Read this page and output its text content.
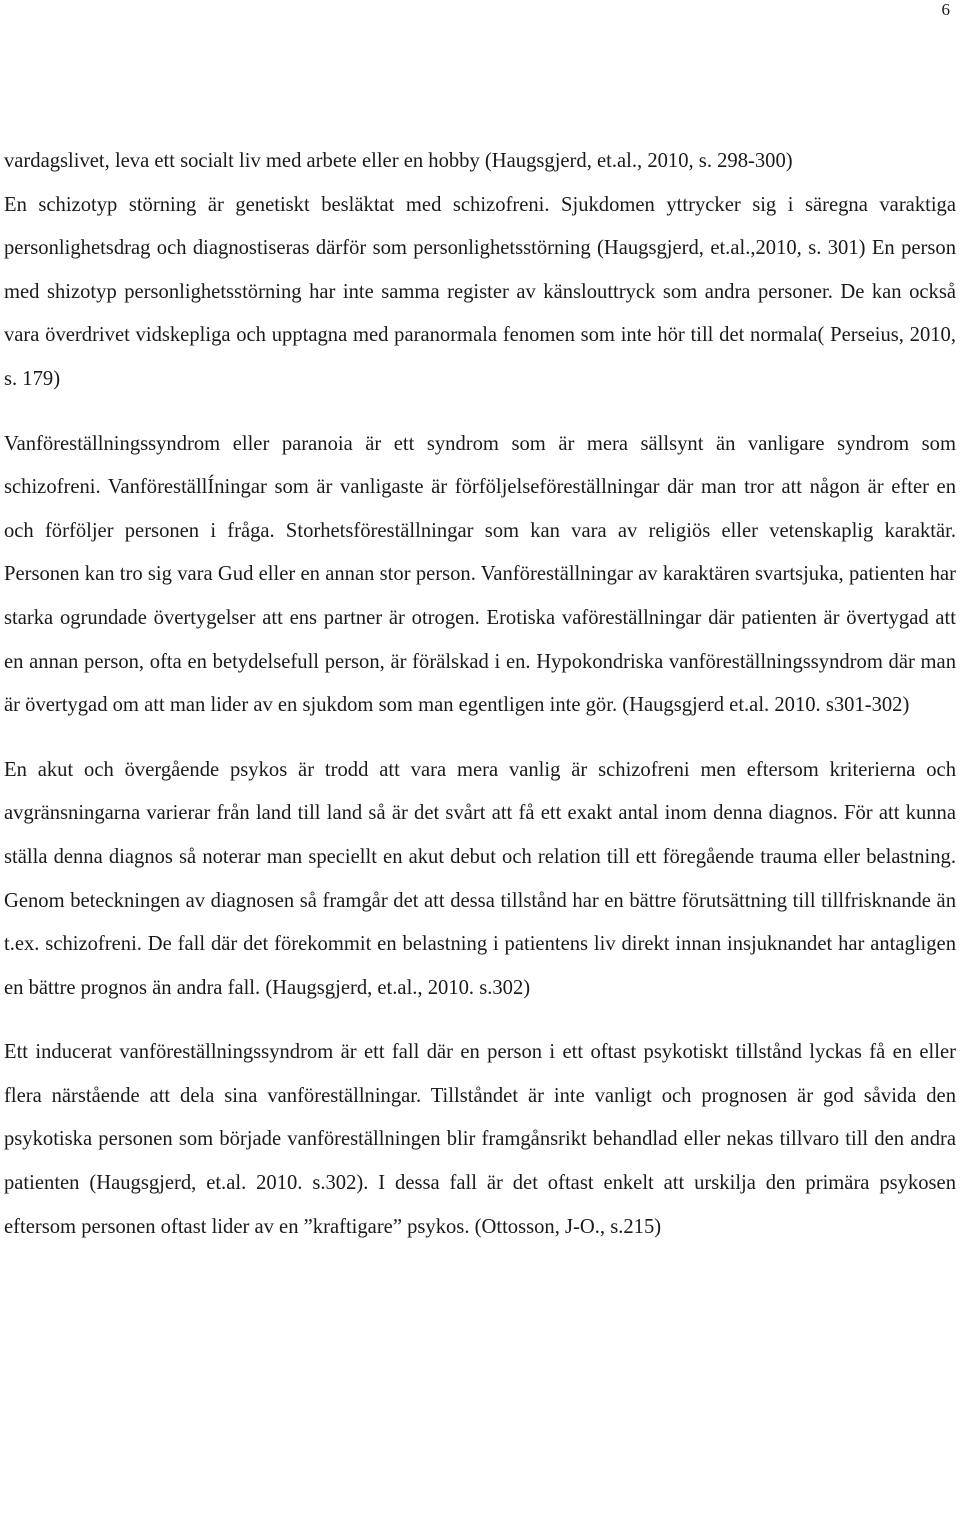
6

vardagslivet, leva ett socialt liv med arbete eller en hobby (Haugsgjerd, et.al., 2010, s. 298-300)

En schizotyp störning är genetiskt besläktat med schizofreni. Sjukdomen yttrycker sig i säregna varaktiga personlighetsdrag och diagnostiseras därför som personlighetsstörning (Haugsgjerd, et.al.,2010, s. 301) En person med shizotyp personlighetsstörning har inte samma register av känslouttryck som andra personer. De kan också vara överdrivet vidskepliga och upptagna med paranormala fenomen som inte hör till det normala( Perseius, 2010, s. 179)

Vanföreställningssyndrom eller paranoia är ett syndrom som är mera sällsynt än vanligare syndrom som schizofreni. VanföreställÍningar som är vanligaste är förföljelseföreställningar där man tror att någon är efter en och förföljer personen i fråga. Storhetsföreställningar som kan vara av religiös eller vetenskaplig karaktär. Personen kan tro sig vara Gud eller en annan stor person. Vanföreställningar av karaktären svartsjuka, patienten har starka ogrundade övertygelser att ens partner är otrogen. Erotiska vaföreställningar där patienten är övertygad att en annan person, ofta en betydelsefull person, är förälskad i en. Hypokondriska vanföreställningssyndrom där man är övertygad om att man lider av en sjukdom som man egentligen inte gör. (Haugsgjerd et.al. 2010. s301-302)

En akut och övergående psykos är trodd att vara mera vanlig är schizofreni men eftersom kriterierna och avgränsningarna varierar från land till land så är det svårt att få ett exakt antal inom denna diagnos. För att kunna ställa denna diagnos så noterar man speciellt en akut debut och relation till ett föregående trauma eller belastning. Genom beteckningen av diagnosen så framgår det att dessa tillstånd har en bättre förutsättning till tillfrisknande än t.ex. schizofreni. De fall där det förekommit en belastning i patientens liv direkt innan insjuknandet har antagligen en bättre prognos än andra fall. (Haugsgjerd, et.al., 2010. s.302)

Ett inducerat vanföreställningssyndrom är ett fall där en person i ett oftast psykotiskt tillstånd lyckas få en eller flera närstående att dela sina vanföreställningar. Tillståndet är inte vanligt och prognosen är god såvida den psykotiska personen som började vanföreställningen blir framgånsrikt behandlad eller nekas tillvaro till den andra patienten (Haugsgjerd, et.al. 2010. s.302). I dessa fall är det oftast enkelt att urskilja den primära psykosen eftersom personen oftast lider av en ”kraftigare” psykos. (Ottosson, J-O., s.215)
